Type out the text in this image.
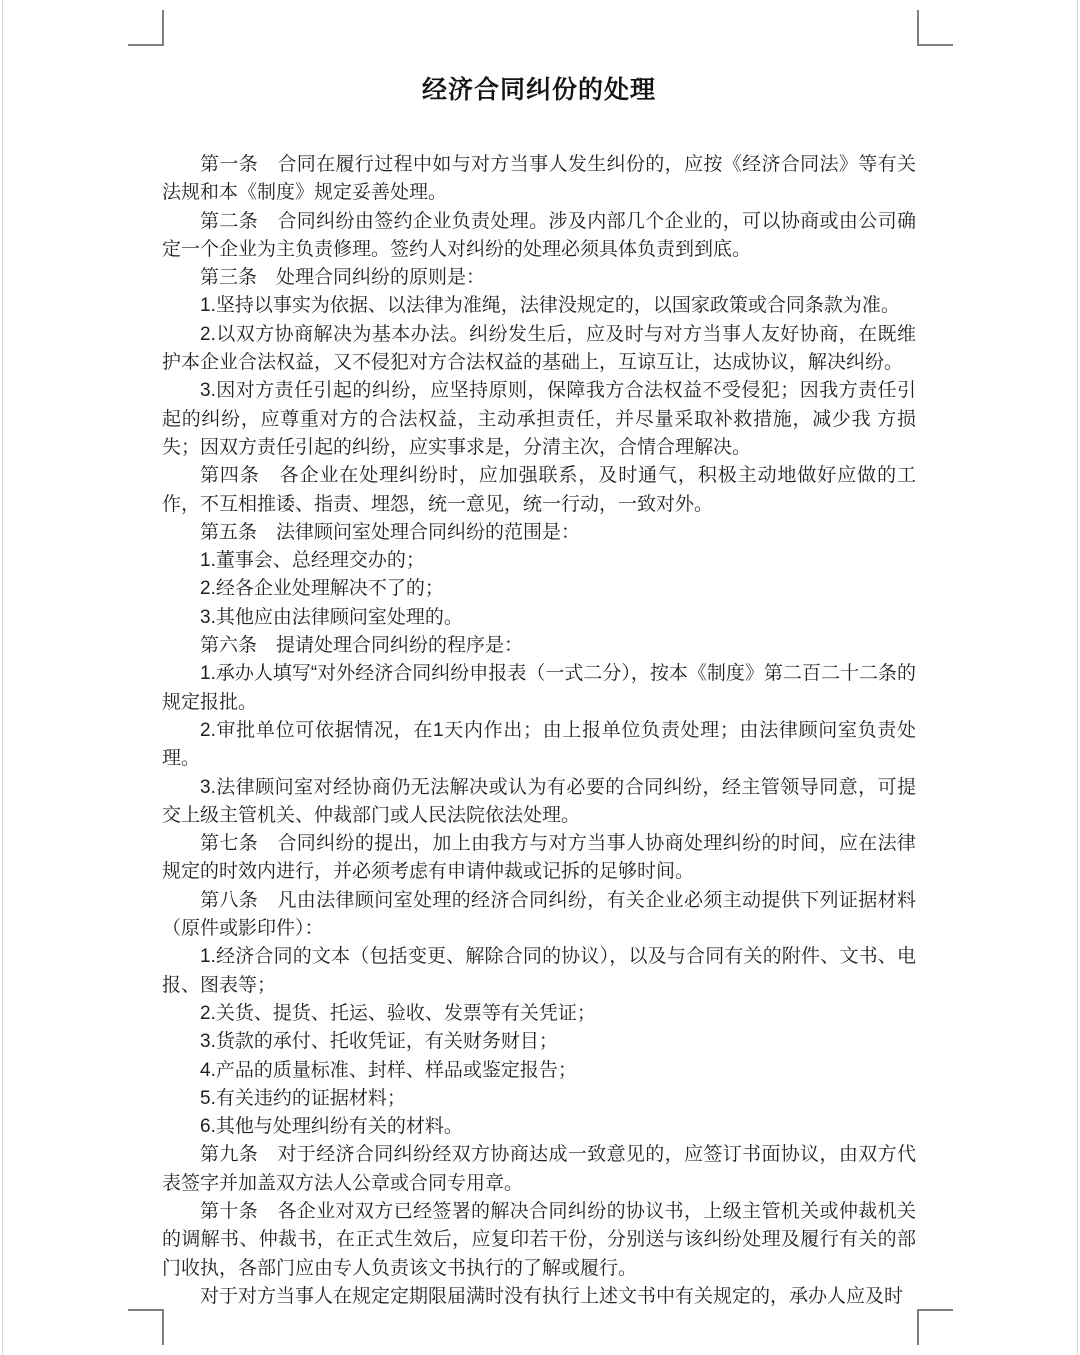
经济合同纠份的处理

第一条　合同在履行过程中如与对方当事人发生纠份的，应按《经济合同法》等有关法规和本《制度》规定妥善处理。

第二条　合同纠纷由签约企业负责处理。涉及内部几个企业的，可以协商或由公司确定一个企业为主负责修理。签约人对纠纷的处理必须具体负责到到底。

第三条　处理合同纠纷的原则是：

1.坚持以事实为依据、以法律为准绳，法律没规定的，以国家政策或合同条款为准。

2.以双方协商解决为基本办法。纠纷发生后，应及时与对方当事人友好协商，在既维护本企业合法权益，又不侵犯对方合法权益的基础上，互谅互让，达成协议，解决纠纷。

3.因对方责任引起的纠纷，应坚持原则，保障我方合法权益不受侵犯；因我方责任引起的纠纷，应尊重对方的合法权益，主动承担责任，并尽量采取补救措施，减少我 方损失；因双方责任引起的纠纷，应实事求是，分清主次，合情合理解决。

第四条　各企业在处理纠纷时，应加强联系，及时通气，积极主动地做好应做的工作，不互相推诿、指责、埋怨，统一意见，统一行动，一致对外。

第五条　法律顾问室处理合同纠纷的范围是：

1.董事会、总经理交办的；

2.经各企业处理解决不了的；

3.其他应由法律顾问室处理的。

第六条　提请处理合同纠纷的程序是：

1.承办人填写“对外经济合同纠纷申报表（一式二分），按本《制度》第二百二十二条的规定报批。

2.审批单位可依据情况，在1天内作出；由上报单位负责处理；由法律顾问室负责处理。

3.法律顾问室对经协商仍无法解决或认为有必要的合同纠纷，经主管领导同意，可提交上级主管机关、仲裁部门或人民法院依法处理。

第七条　合同纠纷的提出，加上由我方与对方当事人协商处理纠纷的时间，应在法律规定的时效内进行，并必须考虑有申请仲裁或记拆的足够时间。

第八条　凡由法律顾问室处理的经济合同纠纷，有关企业必须主动提供下列证据材料（原件或影印件）：

1.经济合同的文本（包括变更、解除合同的协议），以及与合同有关的附件、文书、电报、图表等；

2.关货、提货、托运、验收、发票等有关凭证；

3.货款的承付、托收凭证，有关财务财目；

4.产品的质量标准、封样、样品或鉴定报告；

5.有关违约的证据材料；

6.其他与处理纠纷有关的材料。

第九条　对于经济合同纠纷经双方协商达成一致意见的，应签订书面协议，由双方代表签字并加盖双方法人公章或合同专用章。

第十条　各企业对双方已经签署的解决合同纠纷的协议书，上级主管机关或仲裁机关的调解书、仲裁书，在正式生效后，应复印若干份，分别送与该纠纷处理及履行有关的部门收执，各部门应由专人负责该文书执行的了解或履行。

对于对方当事人在规定定期限届满时没有执行上述文书中有关规定的，承办人应及时
